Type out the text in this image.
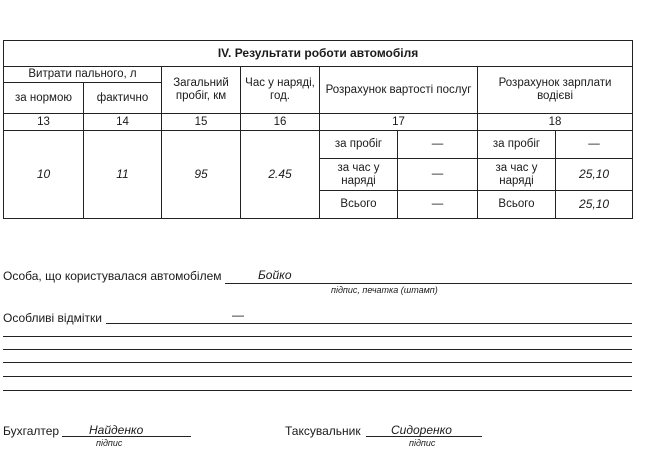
IV. Результати роботи автомобіля							
Витрати пального, л		Загальний пробіг, км	Час у наряді, год.	Розрахунок вартості послуг		Розрахунок зарплати водієві	
за нормою	фактично						
13	14	15	16	17		18	
10	11	95	2.45	за пробіг	—	за пробіг	—
				за час у наряді	—	за час у наряді	25,10
				Всього	—	Всього	25,10
Особа, що користувалася автомобілем	Бойко
підпис, печатка (штамп)
Особливі відмітки	—
Бухгалтер Найденко
підпис
Таксувальник	Сидоренко
підпис
